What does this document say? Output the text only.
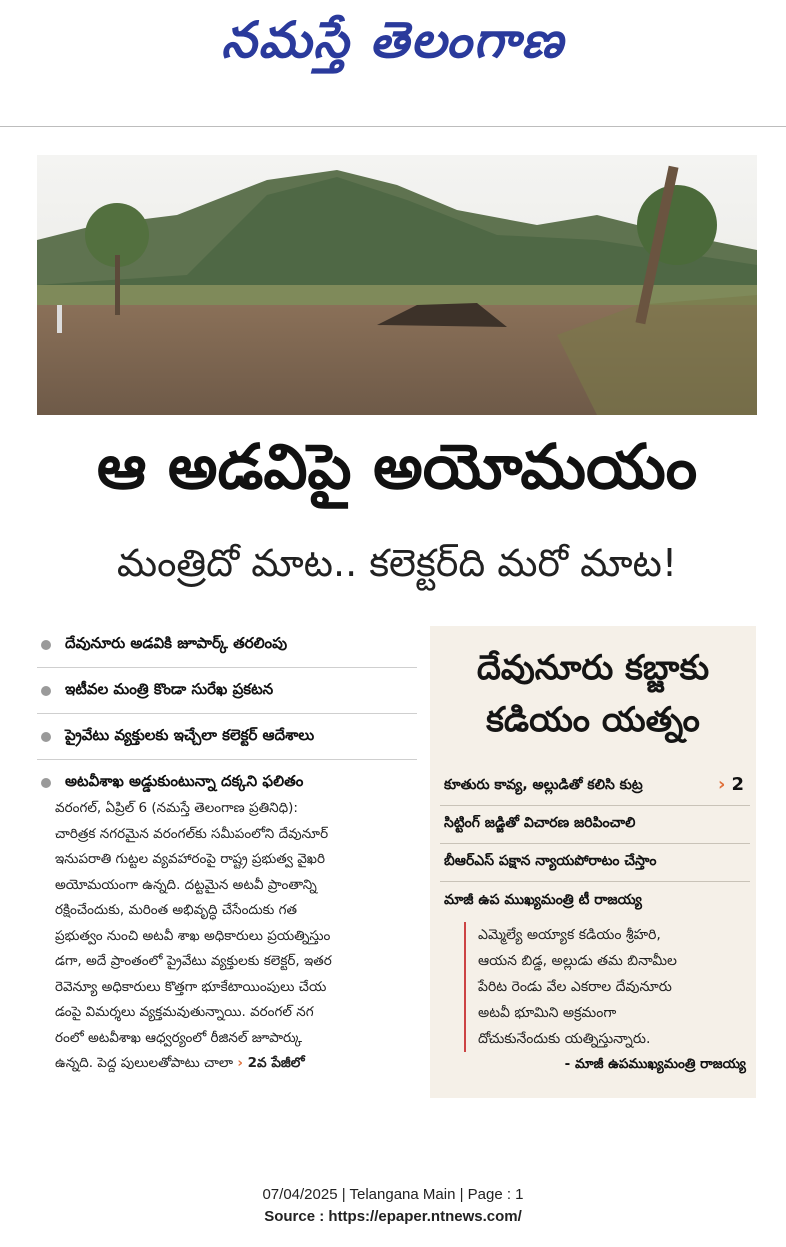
నమస్తే తెలంగాణ
ఆ అడవిపై అయోమయం
మంత్రిదో మాట.. కలెక్టర్‌ది మరో మాట!
దేవునూరు అడవికి జూపార్క్‌ తరలింపు
ఇటీవల మంత్రి కొండా సురేఖ ప్రకటన
ప్రైవేటు వ్యక్తులకు ఇచ్చేలా కలెక్టర్‌ ఆదేశాలు
అటవీశాఖ అడ్డుకుంటున్నా దక్కని ఫలితం

వరంగల్‌, ఏప్రిల్‌ 6 (నమస్తే తెలంగాణ ప్రతినిధి):

చారిత్రక నగరమైన వరంగల్‌కు సమీపంలోని దేవునూర్‌

ఇనుపరాతి గుట్టల వ్యవహారంపై రాష్ట్ర ప్రభుత్వ వైఖరి

అయోమయంగా ఉన్నది. దట్టమైన అటవీ ప్రాంతాన్ని

రక్షించేందుకు, మరింత అభివృద్ధి చేసేందుకు గత

ప్రభుత్వం నుంచి అటవీ శాఖ అధికారులు ప్రయత్నిస్తుం

డగా, అదే ప్రాంతంలో ప్రైవేటు వ్యక్తులకు కలెక్టర్‌, ఇతర

రెవెన్యూ అధికారులు కొత్తగా భూకేటాయింపులు చేయ

డంపై విమర్శలు వ్యక్తమవుతున్నాయి. వరంగల్‌ నగ

రంలో అటవీశాఖ ఆధ్వర్యంలో రీజినల్‌ జూపార్కు

ఉన్నది. పెద్ద పులులతోపాటు చాలా › 2వ పేజీలో

దేవునూరు కబ్జాకు
కడియం యత్నం
కూతురు కావ్య, అల్లుడితో కలిసి కుట్ర	› 2
సిట్టింగ్‌ జడ్జితో విచారణ జరిపించాలి
బీఆర్‌ఎస్‌ పక్షాన న్యాయపోరాటం చేస్తాం
మాజీ ఉప ముఖ్యమంత్రి టీ రాజయ్య

ఎమ్మెల్యే అయ్యాక కడియం శ్రీహరి,

ఆయన బిడ్డ, అల్లుడు తమ బినామీల

పేరిట రెండు వేల ఎకరాల దేవునూరు

అటవీ భూమిని అక్రమంగా

దోచుకునేందుకు యత్నిస్తున్నారు.

- మాజీ ఉపముఖ్యమంత్రి రాజయ్య
07/04/2025 | Telangana Main | Page : 1
Source : https://epaper.ntnews.com/
